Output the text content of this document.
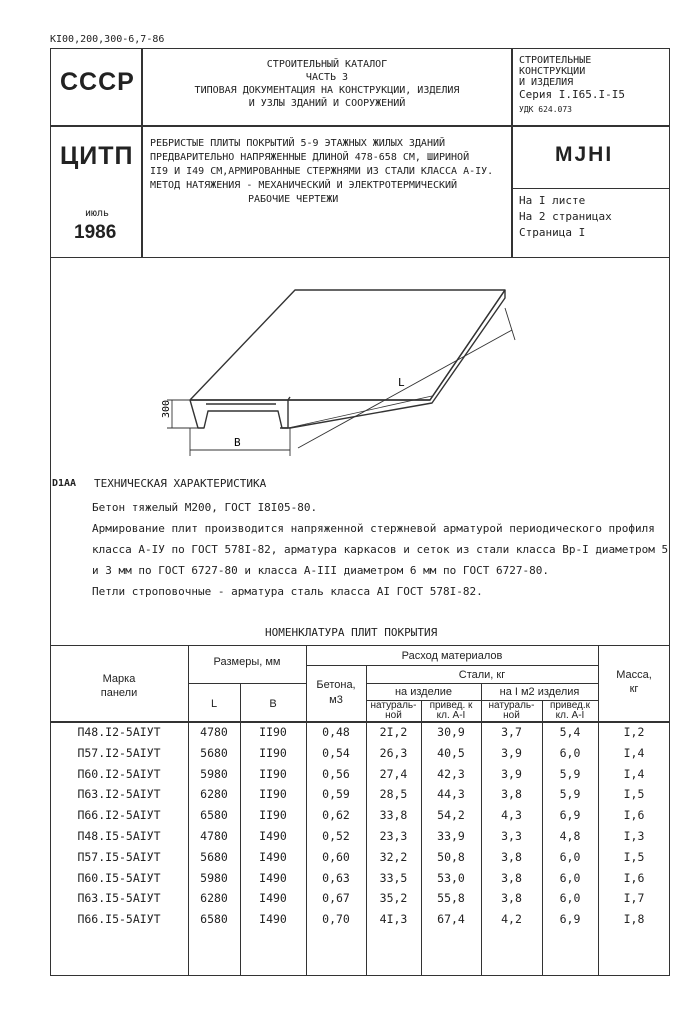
KI00,200,300-6,7-86
СССР
ЦИТП
июль
1986
СТРОИТЕЛЬНЫЙ КАТАЛОГ
ЧАСТЬ 3
ТИПОВАЯ ДОКУМЕНТАЦИЯ НА КОНСТРУКЦИИ, ИЗДЕЛИЯ
И УЗЛЫ ЗДАНИЙ И СООРУЖЕНИЙ
СТРОИТЕЛЬНЫЕ
КОНСТРУКЦИИ
И ИЗДЕЛИЯ
Серия I.I65.I-I5
УДК 624.073
РЕБРИСТЫЕ ПЛИТЫ ПОКРЫТИЙ 5-9 ЭТАЖНЫХ ЖИЛЫХ ЗДАНИЙ
ПРЕДВАРИТЕЛЬНО НАПРЯЖЕННЫЕ ДЛИНОЙ 478-658 СМ, ШИРИНОЙ
II9 И I49 СМ,АРМИРОВАННЫЕ СТЕРЖНЯМИ ИЗ СТАЛИ КЛАССА А-IУ.
МЕТОД НАТЯЖЕНИЯ - МЕХАНИЧЕСКИЙ И ЭЛЕКТРОТЕРМИЧЕСКИЙ
РАБОЧИЕ ЧЕРТЕЖИ
МJНI
На I листе
На 2 страницах
Страница I
300
B
L
D1AA ТЕХНИЧЕСКАЯ ХАРАКТЕРИСТИКА
Бетон тяжелый М200, ГОСТ I8I05-80.
Армирование плит производится напряженной стержневой арматурой периодического профиля
класса А-IУ по ГОСТ 578I-82, арматура каркасов и сеток из стали класса Вр-I диаметром 5
и 3 мм по ГОСТ 6727-80 и класса А-III диаметром 6 мм по ГОСТ 6727-80.
Петли строповочные - арматура сталь класса АI ГОСТ 578I-82.
НОМЕНКЛАТУРА ПЛИТ ПОКРЫТИЯ
Марка
панели
Размеры, мм
L	B
Расход материалов
Бетона,
м3
Стали, кг
на изделие	на I м2 изделия
натураль-
ной
привед. к
кл. А-I
натураль-
ной
привед.к
кл. А-I
Масса,
кг
П48.I2-5АIУТ	4780	II90	0,48	2I,2	30,9	3,7	5,4	I,2
П57.I2-5АIУТ	5680	II90	0,54	26,3	40,5	3,9	6,0	I,4
П60.I2-5АIУТ	5980	II90	0,56	27,4	42,3	3,9	5,9	I,4
П63.I2-5АIУТ	6280	II90	0,59	28,5	44,3	3,8	5,9	I,5
П66.I2-5АIУТ	6580	II90	0,62	33,8	54,2	4,3	6,9	I,6
П48.I5-5АIУТ	4780	I490	0,52	23,3	33,9	3,3	4,8	I,3
П57.I5-5АIУТ	5680	I490	0,60	32,2	50,8	3,8	6,0	I,5
П60.I5-5АIУТ	5980	I490	0,63	33,5	53,0	3,8	6,0	I,6
П63.I5-5АIУТ	6280	I490	0,67	35,2	55,8	3,8	6,0	I,7
П66.I5-5АIУТ	6580	I490	0,70	4I,3	67,4	4,2	6,9	I,8
